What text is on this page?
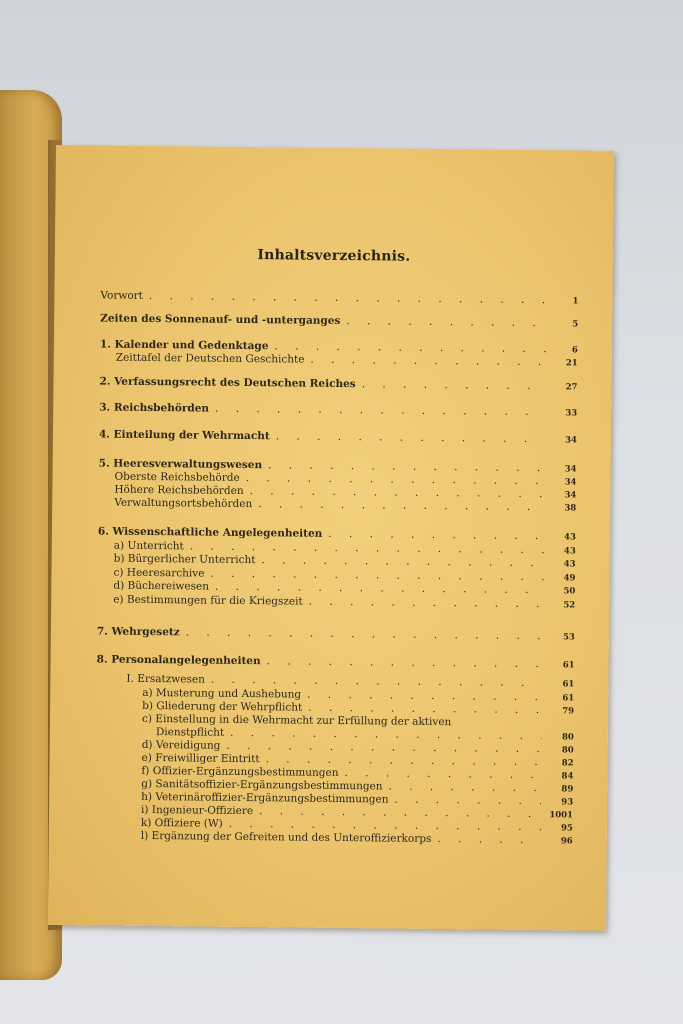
Inhaltsverzeichnis.
Vorwort . . .	1
Zeiten des Sonnenauf- und -unterganges . . .	5
1. Kalender und Gedenktage . . .	6
Zeittafel der Deutschen Geschichte . . .	21
2. Verfassungsrecht des Deutschen Reiches . . .	27
3. Reichsbehörden . . .	33
4. Einteilung der Wehrmacht . . .	34
5. Heeresverwaltungswesen . . .	34
Oberste Reichsbehörde . . .	34
Höhere Reichsbehörden . . .	34
Verwaltungsortsbehörden . . .	38
6. Wissenschaftliche Angelegenheiten . . .	43
a) Unterricht . . .	43
b) Bürgerlicher Unterricht . . .	43
c) Heeresarchive . . .	49
d) Büchereiwesen . . .	50
e) Bestimmungen für die Kriegszeit . . .	52
7. Wehrgesetz . . .	53
8. Personalangelegenheiten . . .	61
I. Ersatzwesen . . .	61
a) Musterung und Aushebung . . .	61
b) Gliederung der Wehrpflicht . . .	79
c) Einstellung in die Wehrmacht zur Erfüllung der aktiven
Dienstpflicht . . .	80
d) Vereidigung . . .	80
e) Freiwilliger Eintritt . . .	82
f) Offizier-Ergänzungsbestimmungen . . .	84
g) Sanitätsoffizier-Ergänzungsbestimmungen . . .	89
h) Veterinäroffizier-Ergänzungsbestimmungen . . .	93
i) Ingenieur-Offiziere . . .	1001
k) Offiziere (W) . . .	95
l) Ergänzung der Gefreiten und des Unteroffizierkorps . . .	96
